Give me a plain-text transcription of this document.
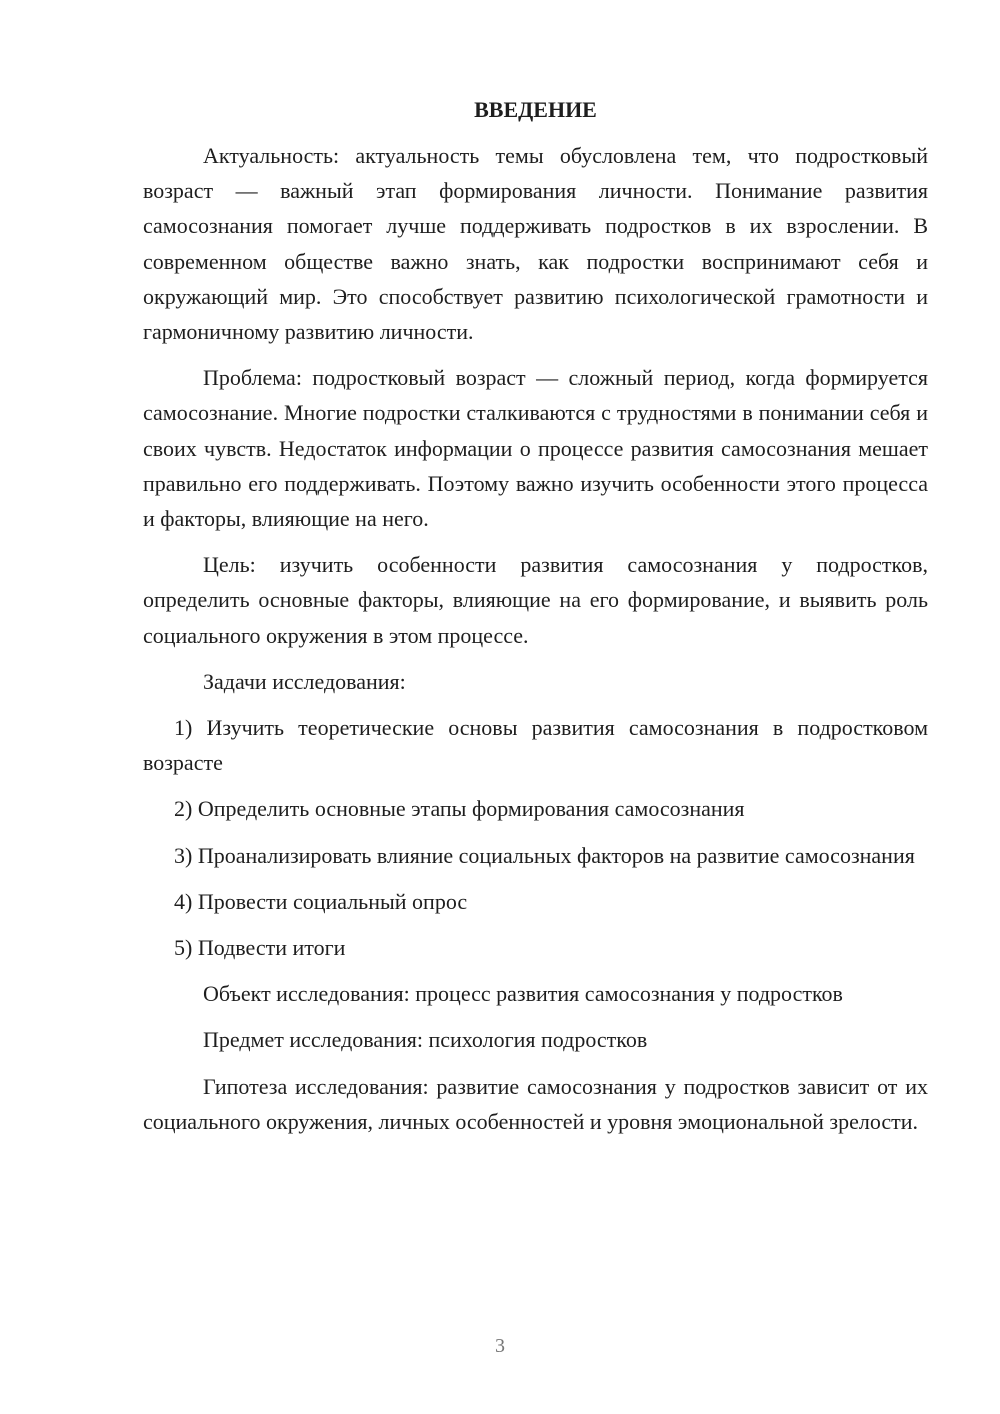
ВВЕДЕНИЕ

Актуальность: актуальность темы обусловлена тем, что подростковый возраст — важный этап формирования личности. Понимание развития самосознания помогает лучше поддерживать подростков в их взрослении. В современном обществе важно знать, как подростки воспринимают себя и окружающий мир. Это способствует развитию психологической грамотности и гармоничному развитию личности.

Проблема: подростковый возраст — сложный период, когда формируется самосознание. Многие подростки сталкиваются с трудностями в понимании себя и своих чувств. Недостаток информации о процессе развития самосознания мешает правильно его поддерживать. Поэтому важно изучить особенности этого процесса и факторы, влияющие на него.

Цель: изучить особенности развития самосознания у подростков, определить основные факторы, влияющие на его формирование, и выявить роль социального окружения в этом процессе.

Задачи исследования:

1) Изучить теоретические основы развития самосознания в подростковом возрасте

2) Определить основные этапы формирования самосознания

3) Проанализировать влияние социальных факторов на развитие самосознания

4) Провести социальный опрос

5) Подвести итоги

Объект исследования: процесс развития самосознания у подростков

Предмет исследования: психология подростков

Гипотеза исследования: развитие самосознания у подростков зависит от их социального окружения, личных особенностей и уровня эмоциональной зрелости.

3
